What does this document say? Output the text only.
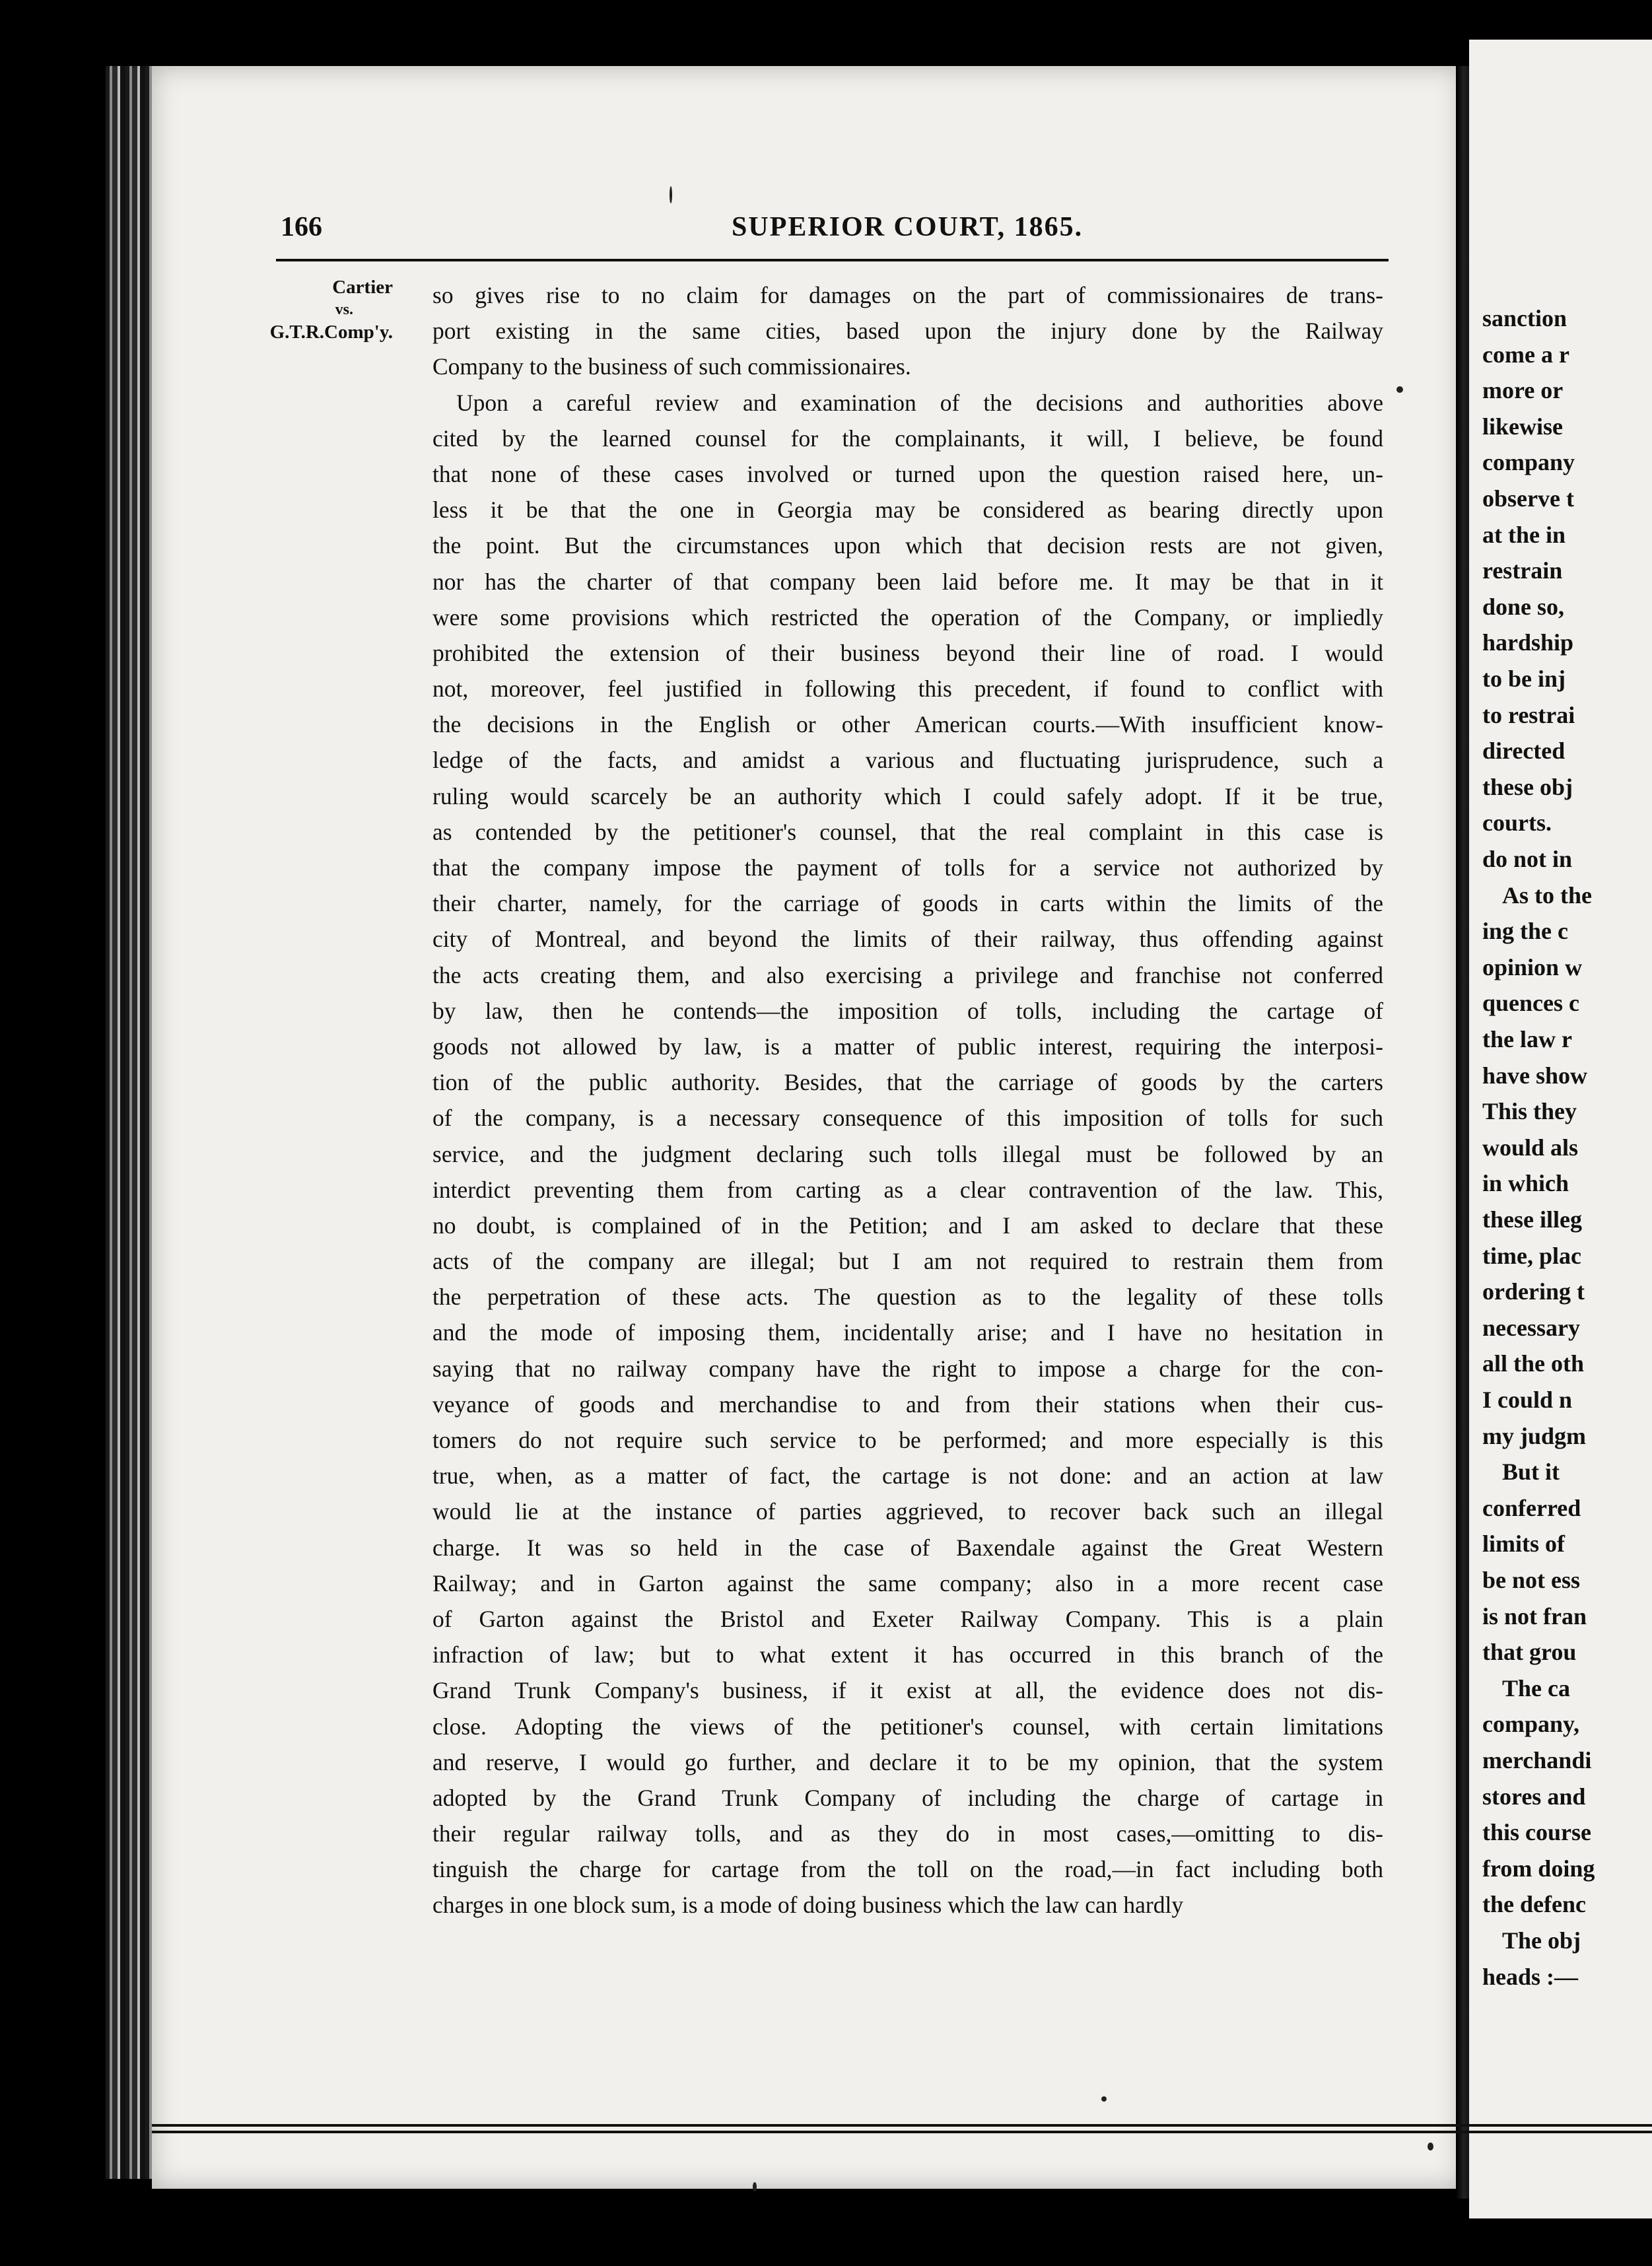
166	SUPERIOR COURT, 1865.
Cartier
vs.
G.T.R.Comp'y.
so gives rise to no claim for damages on the part of commissionaires de trans-
port existing in the same cities, based upon the injury done by the Railway
Company to the business of such commissionaires.
Upon a careful review and examination of the decisions and authorities above
cited by the learned counsel for the complainants, it will, I believe, be found
that none of these cases involved or turned upon the question raised here, un-
less it be that the one in Georgia may be considered as bearing directly upon
the point. But the circumstances upon which that decision rests are not given,
nor has the charter of that company been laid before me. It may be that in it
were some provisions which restricted the operation of the Company, or impliedly
prohibited the extension of their business beyond their line of road. I would
not, moreover, feel justified in following this precedent, if found to conflict with
the decisions in the English or other American courts.—With insufficient know-
ledge of the facts, and amidst a various and fluctuating jurisprudence, such a
ruling would scarcely be an authority which I could safely adopt. If it be true,
as contended by the petitioner's counsel, that the real complaint in this case is
that the company impose the payment of tolls for a service not authorized by
their charter, namely, for the carriage of goods in carts within the limits of the
city of Montreal, and beyond the limits of their railway, thus offending against
the acts creating them, and also exercising a privilege and franchise not conferred
by law, then he contends—the imposition of tolls, including the cartage of
goods not allowed by law, is a matter of public interest, requiring the interposi-
tion of the public authority. Besides, that the carriage of goods by the carters
of the company, is a necessary consequence of this imposition of tolls for such
service, and the judgment declaring such tolls illegal must be followed by an
interdict preventing them from carting as a clear contravention of the law. This,
no doubt, is complained of in the Petition; and I am asked to declare that these
acts of the company are illegal; but I am not required to restrain them from
the perpetration of these acts. The question as to the legality of these tolls
and the mode of imposing them, incidentally arise; and I have no hesitation in
saying that no railway company have the right to impose a charge for the con-
veyance of goods and merchandise to and from their stations when their cus-
tomers do not require such service to be performed; and more especially is this
true, when, as a matter of fact, the cartage is not done: and an action at law
would lie at the instance of parties aggrieved, to recover back such an illegal
charge. It was so held in the case of Baxendale against the Great Western
Railway; and in Garton against the same company; also in a more recent case
of Garton against the Bristol and Exeter Railway Company. This is a plain
infraction of law; but to what extent it has occurred in this branch of the
Grand Trunk Company's business, if it exist at all, the evidence does not dis-
close. Adopting the views of the petitioner's counsel, with certain limitations
and reserve, I would go further, and declare it to be my opinion, that the system
adopted by the Grand Trunk Company of including the charge of cartage in
their regular railway tolls, and as they do in most cases,—omitting to dis-
tinguish the charge for cartage from the toll on the road,—in fact including both
charges in one block sum, is a mode of doing business which the law can hardly
sanction
come a r
more or
likewise
company
observe t
at the in
restrain
done so,
hardship
to be inj
to restrai
directed
these obj
courts.
do not in
As to the
ing the c
opinion w
quences c
the law r
have show
This they
would als
in which
these illeg
time, plac
ordering t
necessary
all the oth
I could n
my judgm
But it
conferred
limits of
be not ess
is not fran
that grou
The ca
company,
merchandi
stores and
this course
from doing
the defenc
The obj
heads :—
